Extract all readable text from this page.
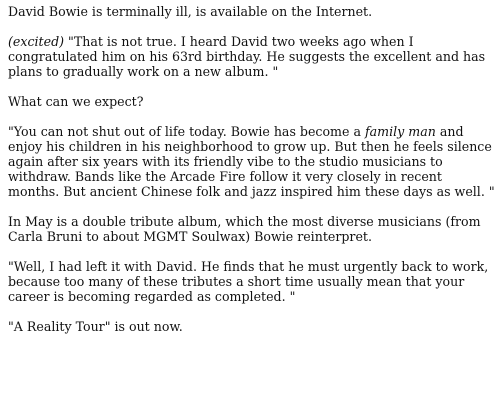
David Bowie is terminally ill, is available on the Internet.

(excited) "That is not true. I heard David two weeks ago when I congratulated him on his 63rd birthday. He suggests the excellent and has plans to gradually work on a new album. "

What can we expect?

"You can not shut out of life today. Bowie has become a family man and enjoy his children in his neighborhood to grow up. But then he feels silence again after six years with its friendly vibe to the studio musicians to withdraw. Bands like the Arcade Fire follow it very closely in recent months. But ancient Chinese folk and jazz inspired him these days as well. "

In May is a double tribute album, which the most diverse musicians (from Carla Bruni to about MGMT Soulwax) Bowie reinterpret.

"Well, I had left it with David. He finds that he must urgently back to work, because too many of these tributes a short time usually mean that your career is becoming regarded as completed. "

"A Reality Tour" is out now.
